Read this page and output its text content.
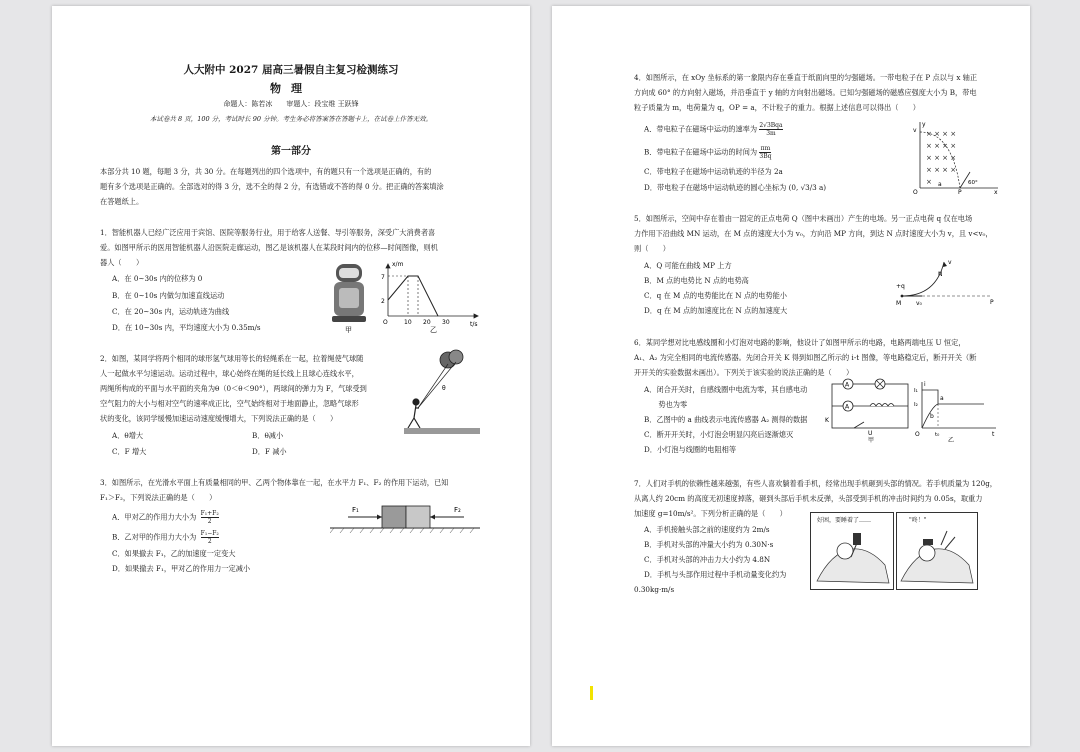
人大附中 2027 届高三暑假自主复习检测练习
物理
命题人：陈若冰　　审题人：段宝维 王跃锋
本试卷共 8 页，100 分，考试时长 90 分钟。考生务必将答案答在答题卡上，在试卷上作答无效。
第一部分
本部分共 10 题，每题 3 分，共 30 分。在每题列出的四个选项中，有的题只有一个选项是正确的，有的
题有多个选项是正确的。全部选对的得 3 分，选不全的得 2 分，有选错或不答的得 0 分。把正确的答案填涂
在答题纸上。
1．智能机器人已经广泛应用于宾馆、医院等服务行业，用于给客人送餐、导引等服务，深受广大消费者喜
爱。如图甲所示的医用智能机器人沿医院走廊运动，图乙是该机器人在某段时间内的位移—时间图像，则机
器人（　　）
A．在 0~30s 内的位移为 0
B．在 0~10s 内做匀加速直线运动
C．在 20~30s 内，运动轨迹为曲线
D．在 10~30s 内，平均速度大小为 0.35m/s	甲
x/m
t/s
7
2
O	10 20 30
乙
2．如图，某同学将两个相同的球形氢气球用等长的轻绳系在一起，拉着绳使气球随
人一起做水平匀速运动。运动过程中，球心始终在绳的延长线上且球心连线水平，
两绳所构成的平面与水平面的夹角为θ（0＜θ＜90°），两球间的弹力为 F，气球受到
空气阻力的大小与相对空气的速率成正比，空气始终相对于地面静止，忽略气球形
状的变化，该同学缓慢加速运动速度缓慢增大，下列说法正确的是（　　）
A．θ增大	B．θ减小
C．F 增大	D．F 减小
θ
3．如图所示，在光滑水平面上有质量相同的甲、乙两个物体靠在一起，在水平力 F₁、F₂ 的作用下运动，已知
F₁＞F₂，下列说法正确的是（　　）
A．甲对乙的作用力大小为 $\frac{\text{F₁+F₂}}{2}$
B．乙对甲的作用力大小为 $\frac{\text{F₁−F₂}}{2}$
C．如果撤去 F₁，乙的加速度一定变大
D．如果撤去 F₁，甲对乙的作用力一定减小
F₁	F₂
4．如图所示，在 xOy 坐标系的第一象限内存在垂直于纸面向里的匀强磁场。一带电粒子在 P 点以与 x 轴正
方向成 60° 的方向射入磁场，并沿垂直于 y 轴的方向射出磁场。已知匀强磁场的磁感应强度大小为 B，带电
粒子质量为 m，电荷量为 q，OP = a，不计粒子的重力。根据上述信息可以得出（　　）
A．带电粒子在磁场中运动的速率为 2√3Bqa
3m
B．带电粒子在磁场中运动的时间为 $\frac{\pi m}{3Bq}$
C．带电粒子在磁场中运动轨迹的半径为 2a
D．带电粒子在磁场中运动轨迹的圆心坐标为 (0, √3/3 a)
× × × ×
× × × ×
× × × ×
× × × ×
×
y
x
O
a
P
60°
v
5．如图所示，空间中存在着由一固定的正点电荷 Q（图中未画出）产生的电场。另一正点电荷 q 仅在电场
力作用下沿曲线 MN 运动，在 M 点的速度大小为 v₀，方向沿 MP 方向，到达 N 点时速度大小为 v，且 v<v₀，
则（　　）
A．Q 可能在曲线 MP 上方
B．M 点的电势比 N 点的电势高
C．q 在 M 点的电势能比在 N 点的电势能小
D．q 在 M 点的加速度比在 N 点的加速度大
+q
M
N
P
v
v₀
6．某同学想对比电感线圈和小灯泡对电路的影响，他设计了如图甲所示的电路，电路两端电压 U 恒定，
A₁、A₂ 为完全相同的电流传感器。先闭合开关 K 得到如图乙所示的 i-t 图像，等电路稳定后，断开开关（断
开开关的实验数据未画出）。下列关于该实验的说法正确的是（　　）
A．闭合开关时，自感线圈中电流为零，其自感电动
　　势也为零
B．乙图中的 a 曲线表示电流传感器 A₂ 测得的数据
C．断开开关时，小灯泡会明显闪亮后逐渐熄灭
D．小灯泡与线圈的电阻相等
A
A
K
U
甲
i
t
O
a
b
I₁
I₂
t₀
乙
7．人们对手机的依赖性越来越强，有些人喜欢躺着看手机，经常出现手机砸到头部的情况。若手机质量为 120g，
从离人约 20cm 的高度无初速度掉落，砸到头部后手机未反弹，头部受到手机的冲击时间约为 0.05s，取重力
加速度 g=10m/s²。下列分析正确的是（　　）
A．手机接触头部之前的速度约为 2m/s
B．手机对头部的冲量大小约为 0.30N·s
C．手机对头部的冲击力大小约为 4.8N
D．手机与头部作用过程中手机动量变化约为
0.30kg·m/s
好困，要睡着了……	"咚！"
